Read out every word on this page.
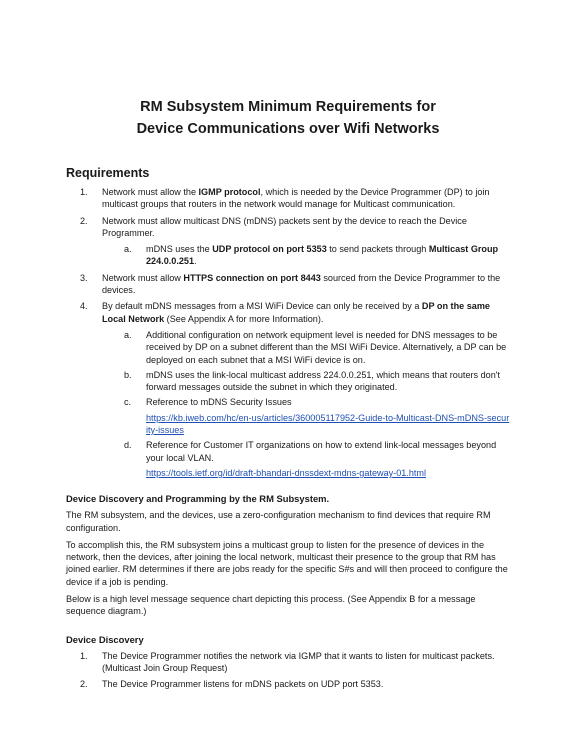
RM Subsystem Minimum Requirements for
Device Communications over Wifi Networks
Requirements
1. Network must allow the IGMP protocol, which is needed by the Device Programmer (DP) to join multicast groups that routers in the network would manage for Multicast communication.
2. Network must allow multicast DNS (mDNS) packets sent by the device to reach the Device Programmer.
a. mDNS uses the UDP protocol on port 5353 to send packets through Multicast Group 224.0.0.251.
3. Network must allow HTTPS connection on port 8443 sourced from the Device Programmer to the devices.
4. By default mDNS messages from a MSI WiFi Device can only be received by a DP on the same Local Network (See Appendix A for more Information).
a. Additional configuration on network equipment level is needed for DNS messages to be received by DP on a subnet different than the MSI WiFi Device. Alternatively, a DP can be deployed on each subnet that a MSI WiFi device is on.
b. mDNS uses the link-local multicast address 224.0.0.251, which means that routers don't forward messages outside the subnet in which they originated.
c. Reference to mDNS Security Issues
https://kb.iweb.com/hc/en-us/articles/360005117952-Guide-to-Multicast-DNS-mDNS-security-issues
d. Reference for Customer IT organizations on how to extend link-local messages beyond your local VLAN.
https://tools.ietf.org/id/draft-bhandari-dnssdext-mdns-gateway-01.html
Device Discovery and Programming by the RM Subsystem.

The RM subsystem, and the devices, use a zero-configuration mechanism to find devices that require RM configuration.

To accomplish this, the RM subsystem joins a multicast group to listen for the presence of devices in the network, then the devices, after joining the local network, multicast their presence to the group that RM has joined earlier. RM determines if there are jobs ready for the specific S#s and will then proceed to configure the device if a job is pending.

Below is a high level message sequence chart depicting this process. (See Appendix B for a message sequence diagram.)

Device Discovery
1. The Device Programmer notifies the network via IGMP that it wants to listen for multicast packets. (Multicast Join Group Request)
2. The Device Programmer listens for mDNS packets on UDP port 5353.
